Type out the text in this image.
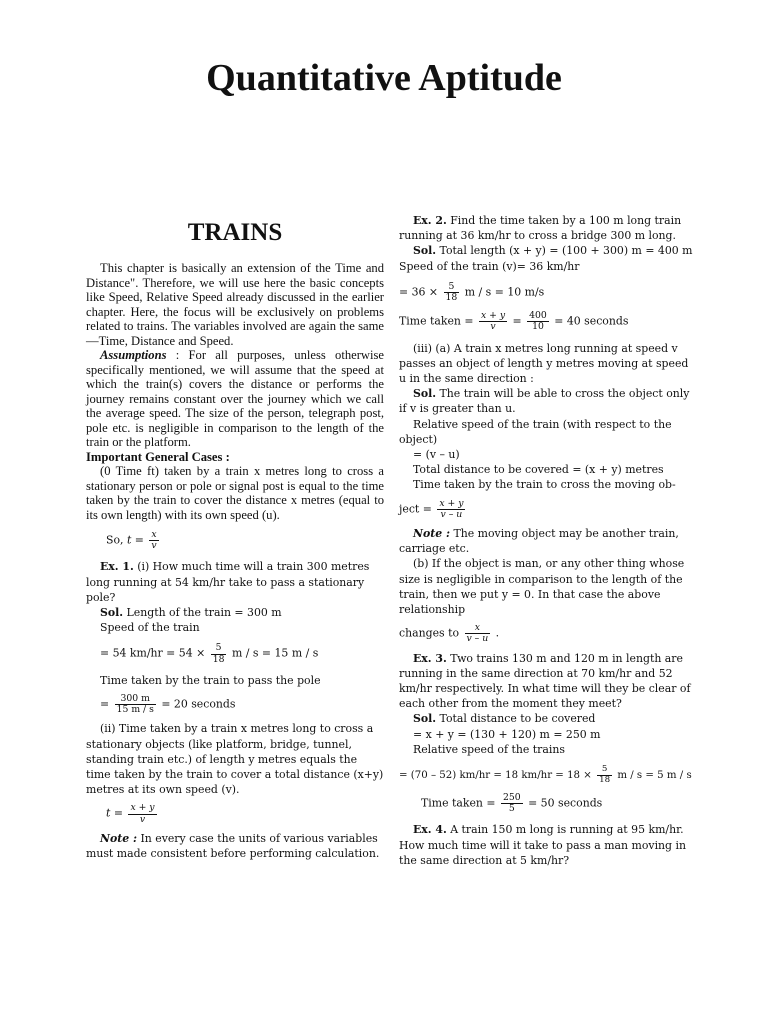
Quantitative Aptitude
TRAINS

This chapter is basically an extension of the Time and Distance". Therefore, we will use here the basic concepts like Speed, Relative Speed already discussed in the earlier chapter. Here, the focus will be exclusively on problems related to trains. The variables involved are again the same—Time, Distance and Speed.

Assumptions : For all purposes, unless otherwise specifically mentioned, we will assume that the speed at which the train(s) covers the distance or performs the journey remains constant over the journey which we call the average speed. The size of the person, telegraph post, pole etc. is negligible in comparison to the length of the train or the platform.

Important General Cases :

(0 Time ft) taken by a train x metres long to cross a stationary person or pole or signal post is equal to the time taken by the train to cover the distance x metres (equal to its own length) with its own speed (u).

So, $t = \frac{x}{v}$

Ex. 1. (i) How much time will a train 300 metres long running at 54 km/hr take to pass a stationary pole?

Sol. Length of the train = 300 m

Speed of the train

= 54 $km/hr = 54 \times \frac{5}{18}$ m / s = 15 m / s

Time taken by the train to pass the pole

= $\frac{300 m}{15 m / s} = 20$ seconds

(ii) Time taken by a train x metres long to cross a stationary objects (like platform, bridge, tunnel, standing train etc.) of length y metres equals the time taken by the train to cover a total distance (x+y) metres at its own speed (v).

$t = \frac{x + y}{v}$

Note : In every case the units of various variables must made consistent before performing calculation.

Ex. 2. Find the time taken by a 100 m long train running at 36 km/hr to cross a bridge 300 m long.

Sol. Total length (x + y) = (100 + 300) m = 400 m

Speed of the train (v)= 36 km/hr

= $36 \times \frac{5}{18}$ m / s = 10 m/s
Time taken = $\frac{x + y}{v} = \frac{400}{10} = 40$ seconds

(iii) (a) A train x metres long running at speed v passes an object of length y metres moving at speed u in the same direction :

Sol. The train will be able to cross the object only if v is greater than u.

Relative speed of the train (with respect to the object)

= (v – u)

Total distance to be covered = (x + y) metres

Time taken by the train to cross the moving ob-

ject = $\frac{x + y}{v - u}$

Note : The moving object may be another train, carriage etc.

(b) If the object is man, or any other thing whose size is negligible in comparison to the length of the train, then we put y = 0. In that case the above relationship

changes to $\frac{x}{v - u}$ .

Ex. 3. Two trains 130 m and 120 m in length are running in the same direction at 70 km/hr and 52 km/hr respectively. In what time will they be clear of each other from the moment they meet?

Sol. Total distance to be covered

= x + y = (130 + 120) m = 250 m

Relative speed of the trains

= (70 – 52) km/hr = 18 $km/hr = 18 \times \frac{5}{18}$ m / s = 5 m / s
Time taken = $\frac{250}{5} = 50$ seconds

Ex. 4. A train 150 m long is running at 95 km/hr. How much time will it take to pass a man moving in the same direction at 5 km/hr?
